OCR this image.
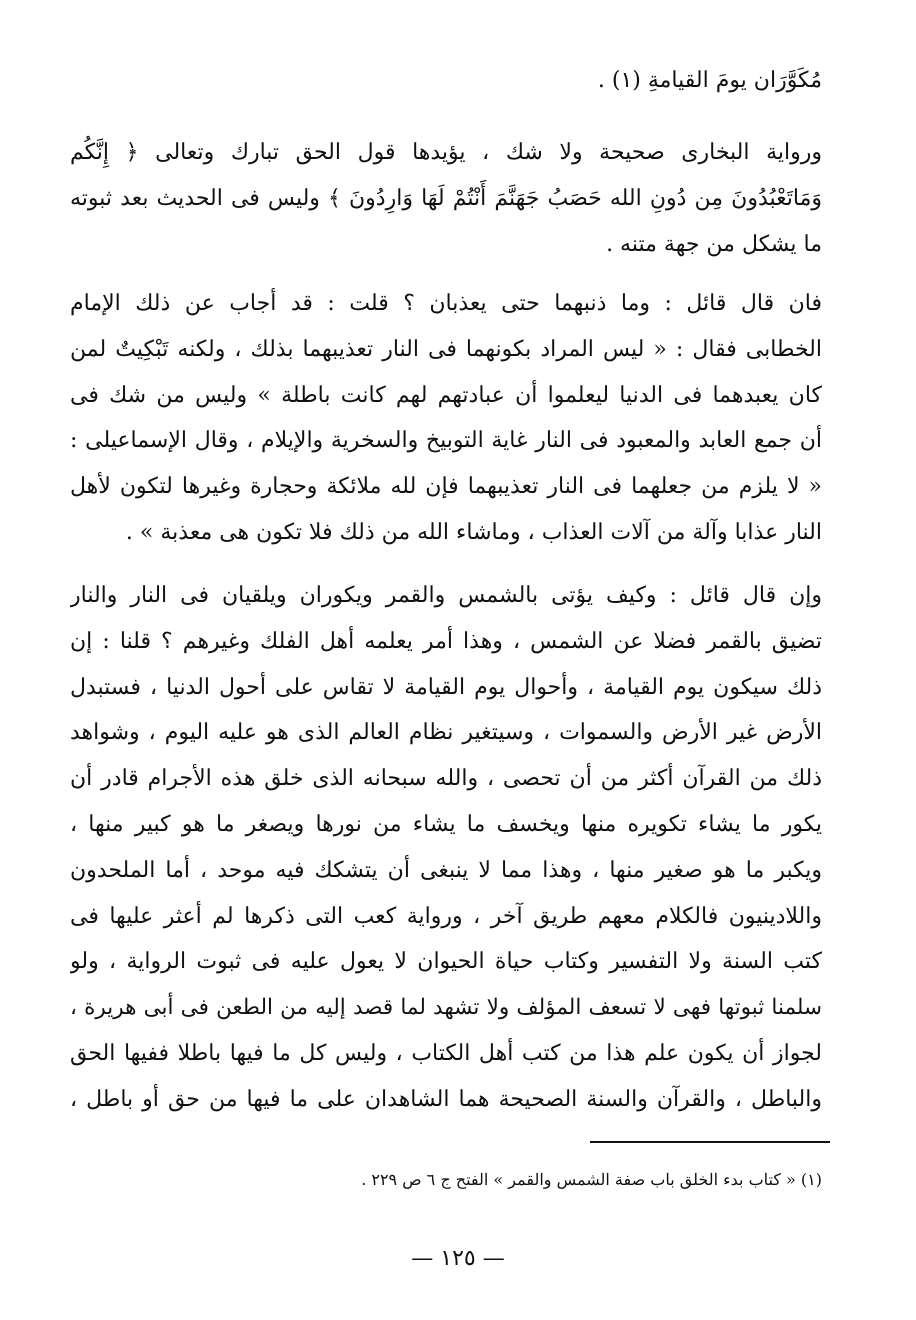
مُكَوَّرَان يومَ القيامةِ (١) .
ورواية البخارى صحيحة ولا شك ، يؤيدها قول الحق تبارك وتعالى ﴿ إِنَّكُم
وَمَاتَعْبُدُونَ مِن دُونِ الله حَصَبُ جَهَنَّمَ أَنْتُمْ لَهَا وَارِدُونَ ﴾ وليس فى الحديث بعد ثبوته
ما يشكل من جهة متنه .
فان قال قائل : وما ذنبهما حتى يعذبان ؟ قلت : قد أجاب عن ذلك الإمام
الخطابى فقال : « ليس المراد بكونهما فى النار تعذيبهما بذلك ، ولكنه تَبْكِيتٌ لمن
كان يعبدهما فى الدنيا ليعلموا أن عبادتهم لهم كانت باطلة » وليس من شك فى
أن جمع العابد والمعبود فى النار غاية التوبيخ والسخرية والإيلام ، وقال الإسماعيلى :
« لا يلزم من جعلهما فى النار تعذيبهما فإن لله ملائكة وحجارة وغيرها لتكون لأهل
النار عذابا وآلة من آلات العذاب ، وماشاء الله من ذلك فلا تكون هى معذبة » .
وإن قال قائل : وكيف يؤتى بالشمس والقمر ويكوران ويلقيان فى النار والنار
تضيق بالقمر فضلا عن الشمس ، وهذا أمر يعلمه أهل الفلك وغيرهم ؟ قلنا : إن
ذلك سيكون يوم القيامة ، وأحوال يوم القيامة لا تقاس على أحول الدنيا ، فستبدل
الأرض غير الأرض والسموات ، وسيتغير نظام العالم الذى هو عليه اليوم ، وشواهد
ذلك من القرآن أكثر من أن تحصى ، والله سبحانه الذى خلق هذه الأجرام قادر أن
يكور ما يشاء تكويره منها ويخسف ما يشاء من نورها ويصغر ما هو كبير منها ،
ويكبر ما هو صغير منها ، وهذا مما لا ينبغى أن يتشكك فيه موحد ، أما الملحدون
واللادينيون فالكلام معهم طريق آخر ، ورواية كعب التى ذكرها لم أعثر عليها فى
كتب السنة ولا التفسير وكتاب حياة الحيوان لا يعول عليه فى ثبوت الرواية ، ولو
سلمنا ثبوتها فهى لا تسعف المؤلف ولا تشهد لما قصد إليه من الطعن فى أبى هريرة ،
لجواز أن يكون علم هذا من كتب أهل الكتاب ، وليس كل ما فيها باطلا ففيها الحق
والباطل ، والقرآن والسنة الصحيحة هما الشاهدان على ما فيها من حق أو باطل ،
(١) « كتاب بدء الخلق باب صفة الشمس والقمر » الفتح ج ٦ ص ٢٢٩ .
— ١٢٥ —
